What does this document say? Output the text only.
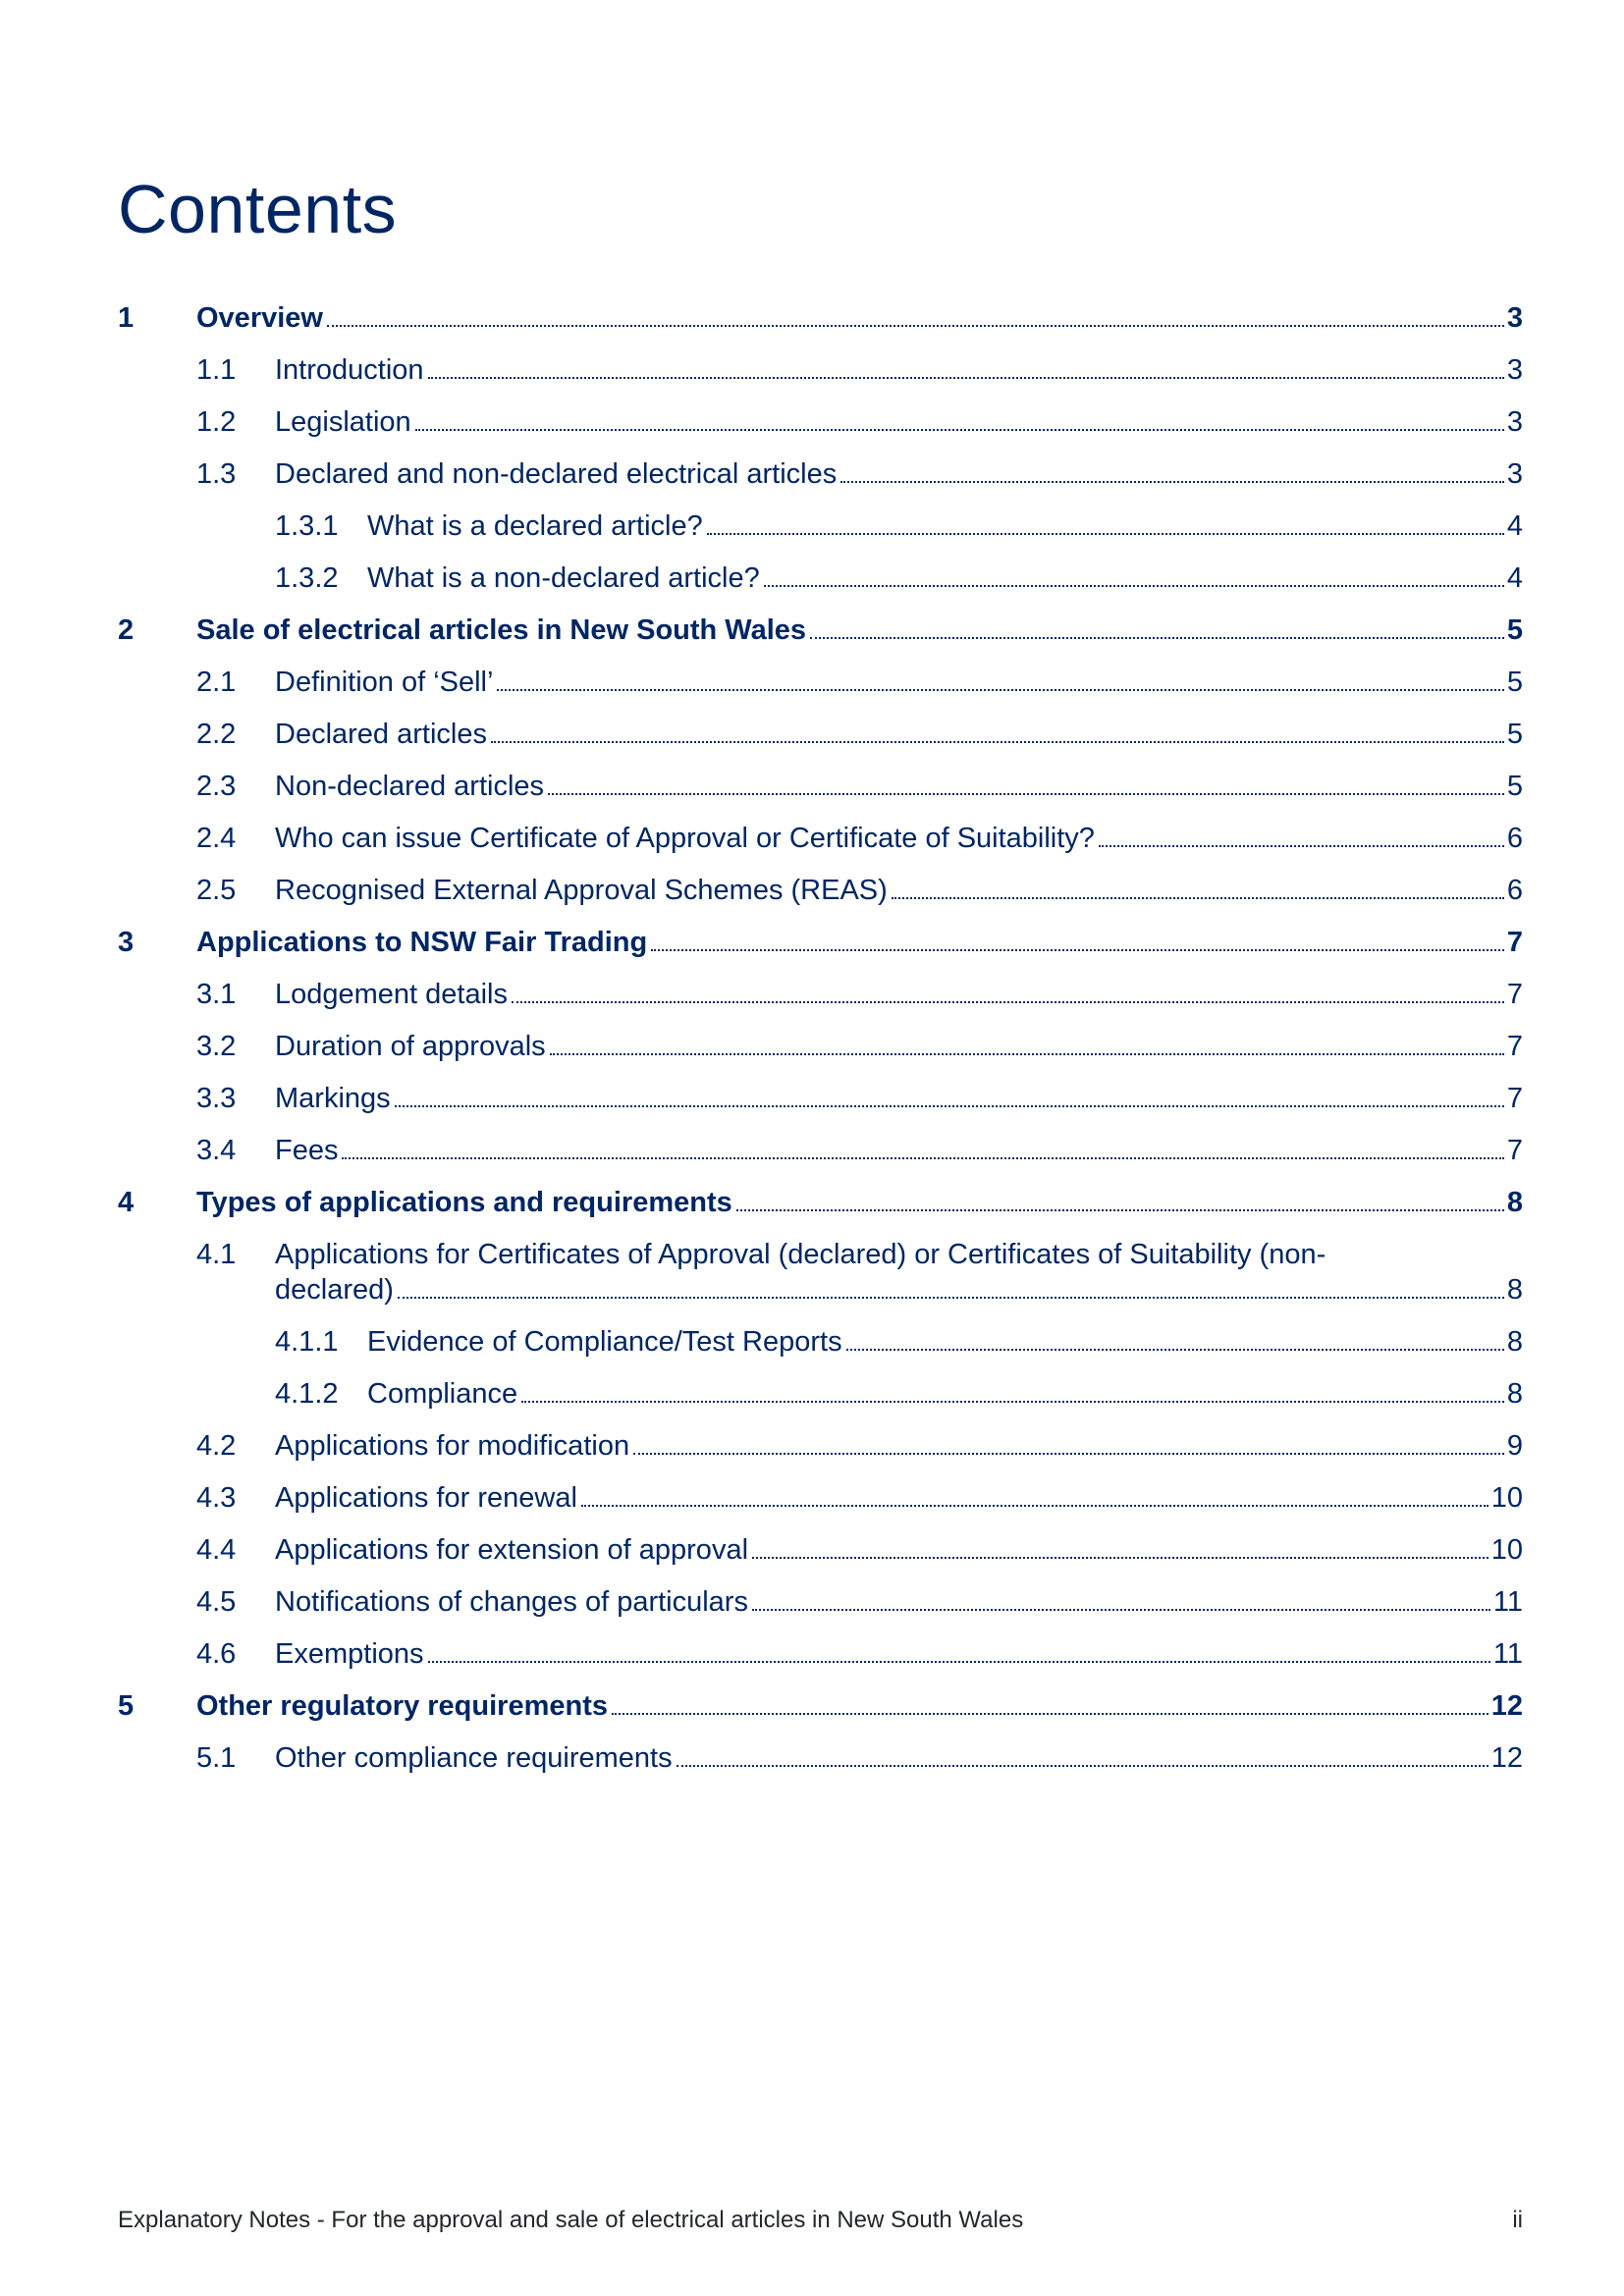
Contents
1 Overview	3
1.1 Introduction	3
1.2 Legislation	3
1.3 Declared and non-declared electrical articles	3
1.3.1 What is a declared article?	4
1.3.2 What is a non-declared article?	4
2 Sale of electrical articles in New South Wales	5
2.1 Definition of ‘Sell’	5
2.2 Declared articles	5
2.3 Non-declared articles	5
2.4 Who can issue Certificate of Approval or Certificate of Suitability?	6
2.5 Recognised External Approval Schemes (REAS)	6
3 Applications to NSW Fair Trading	7
3.1 Lodgement details	7
3.2 Duration of approvals	7
3.3 Markings	7
3.4 Fees	7
4 Types of applications and requirements	8
4.1 Applications for Certificates of Approval (declared) or Certificates of Suitability (non-
declared)	8
4.1.1 Evidence of Compliance/Test Reports	8
4.1.2 Compliance	8
4.2 Applications for modification	9
4.3 Applications for renewal	10
4.4 Applications for extension of approval	10
4.5 Notifications of changes of particulars	11
4.6 Exemptions	11
5 Other regulatory requirements	12
5.1 Other compliance requirements	12
Explanatory Notes - For the approval and sale of electrical articles in New South Wales	ii
